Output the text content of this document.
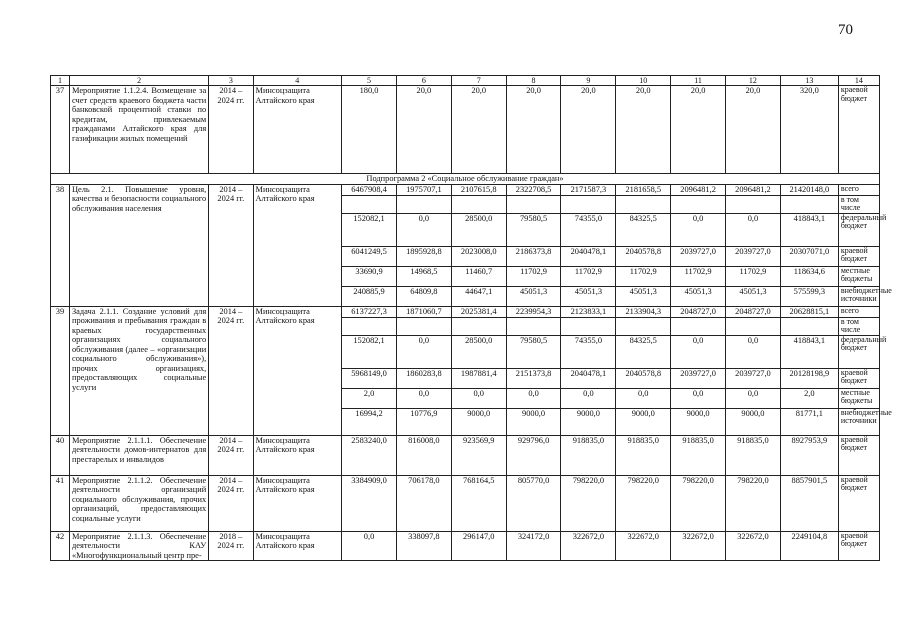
70
1	2	3	4	5	6	7	8	9	10	11	12	13	14
37	Мероприятие 1.1.2.4. Возмещение за счет средств краевого бюджета части банковской процентной ставки по кредитам, привлекаемым гражданами Алтайского края для газификации жилых помещений	2014 – 2024 гг.	Минсоцзащита Алтайского края	180,0	20,0	20,0	20,0	20,0	20,0	20,0	20,0	320,0	краевой бюджет
Подпрограмма 2 «Социальное обслуживание граждан»													
38	Цель 2.1. Повышение уровня, качества и безопасности социального обслуживания населения	2014 – 2024 гг.	Минсоцзащита Алтайского края	6467908,4	1975707,1	2107615,8	2322708,5	2171587,3	2181658,5	2096481,2	2096481,2	21420148,0	всего
													в том числе
				152082,1	0,0	28500,0	79580,5	74355,0	84325,5	0,0	0,0	418843,1	федеральный бюджет
				6041249,5	1895928,8	2023008,0	2186373,8	2040478,1	2040578,8	2039727,0	2039727,0	20307071,0	краевой бюджет
				33690,9	14968,5	11460,7	11702,9	11702,9	11702,9	11702,9	11702,9	118634,6	местные бюджеты
				240885,9	64809,8	44647,1	45051,3	45051,3	45051,3	45051,3	45051,3	575599,3	внебюджетные источники
39	Задача 2.1.1. Создание условий для проживания и пребывания граждан в краевых государственных организациях социального обслуживания (далее – «организации социального обслуживания»), прочих организациях, предоставляющих социальные услуги	2014 – 2024 гг.	Минсоцзащита Алтайского края	6137227,3	1871060,7	2025381,4	2239954,3	2123833,1	2133904,3	2048727,0	2048727,0	20628815,1	всего
													в том числе
				152082,1	0,0	28500,0	79580,5	74355,0	84325,5	0,0	0,0	418843,1	федеральный бюджет
				5968149,0	1860283,8	1987881,4	2151373,8	2040478,1	2040578,8	2039727,0	2039727,0	20128198,9	краевой бюджет
				2,0	0,0	0,0	0,0	0,0	0,0	0,0	0,0	2,0	местные бюджеты
				16994,2	10776,9	9000,0	9000,0	9000,0	9000,0	9000,0	9000,0	81771,1	внебюджетные источники
40	Мероприятие 2.1.1.1. Обеспечение деятельности домов-интернатов для престарелых и инвалидов	2014 – 2024 гг.	Минсоцзащита Алтайского края	2583240,0	816008,0	923569,9	929796,0	918835,0	918835,0	918835,0	918835,0	8927953,9	краевой бюджет
41	Мероприятие 2.1.1.2. Обеспечение деятельности организаций социального обслуживания, прочих организаций, предоставляющих социальные услуги	2014 – 2024 гг.	Минсоцзащита Алтайского края	3384909,0	706178,0	768164,5	805770,0	798220,0	798220,0	798220,0	798220,0	8857901,5	краевой бюджет
42	Мероприятие 2.1.1.3. Обеспечение деятельности КАУ «Многофункциональный центр пре-	2018 – 2024 гг.	Минсоцзащита Алтайского края	0,0	338097,8	296147,0	324172,0	322672,0	322672,0	322672,0	322672,0	2249104,8	краевой бюджет
